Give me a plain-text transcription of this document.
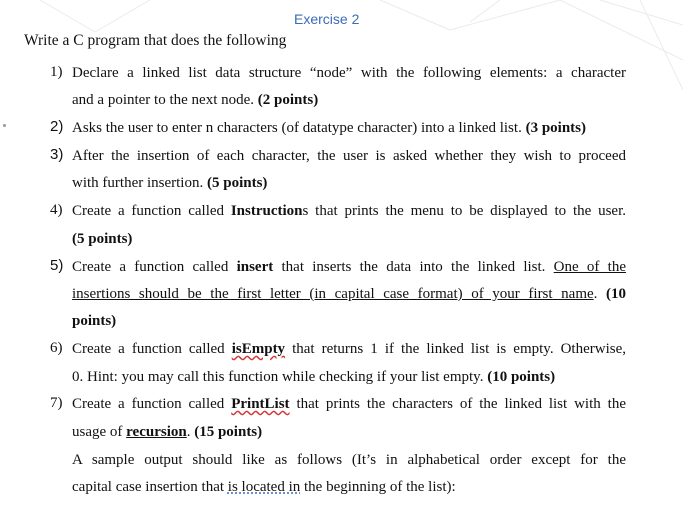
Exercise 2
Write a C program that does the following
1) Declare a linked list data structure “node” with the following elements: a character
and a pointer to the next node. (2 points)
2) Asks the user to enter n characters (of datatype character) into a linked list. (3 points)
3) After the insertion of each character, the user is asked whether they wish to proceed
with further insertion. (5 points)
4) Create a function called Instructions that prints the menu to be displayed to the user.
(5 points)
5) Create a function called insert that inserts the data into the linked list. One of the
insertions should be the first letter (in capital case format) of your first name. (10
points)
6) Create a function called isEmpty that returns 1 if the linked list is empty. Otherwise,
0. Hint: you may call this function while checking if your list empty. (10 points)
7) Create a function called PrintList that prints the characters of the linked list with the
usage of recursion. (15 points)
A sample output should like as follows (It’s in alphabetical order except for the
capital case insertion that is located in the beginning of the list):
